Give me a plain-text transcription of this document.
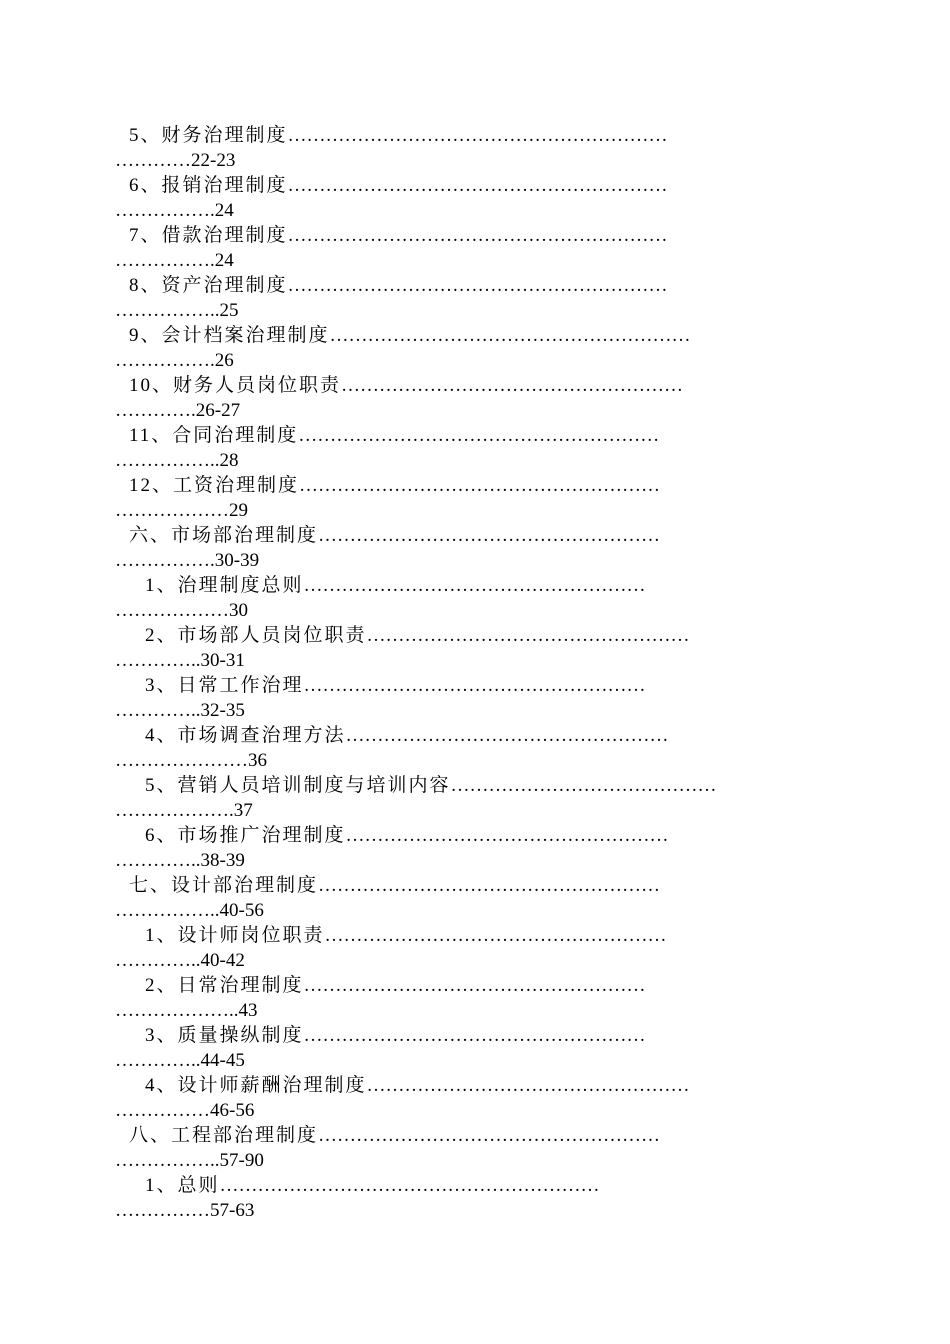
5、财务治理制度……………………………………………………
…………22-23
6、报销治理制度……………………………………………………
…………….24
7、借款治理制度……………………………………………………
…………….24
8、资产治理制度……………………………………………………
……………..25
9、会计档案治理制度…………………………………………………
…………….26
10、财务人员岗位职责………………………………………………
………….26-27
11、合同治理制度…………………………………………………
……………..28
12、工资治理制度…………………………………………………
………………29
六、市场部治理制度………………………………………………
…………….30-39
1、治理制度总则………………………………………………
………………30
2、市场部人员岗位职责……………………………………………
…………..30-31
3、日常工作治理………………………………………………
…………..32-35
4、市场调查治理方法……………………………………………
…………………36
5、营销人员培训制度与培训内容……………………………………
……………….37
6、市场推广治理制度……………………………………………
…………..38-39
七、设计部治理制度………………………………………………
……………..40-56
1、设计师岗位职责………………………………………………
…………..40-42
2、日常治理制度………………………………………………
………………..43
3、质量操纵制度………………………………………………
…………..44-45
4、设计师薪酬治理制度……………………………………………
……………46-56
八、工程部治理制度………………………………………………
……………..57-90
1、总则……………………………………………………
……………57-63
